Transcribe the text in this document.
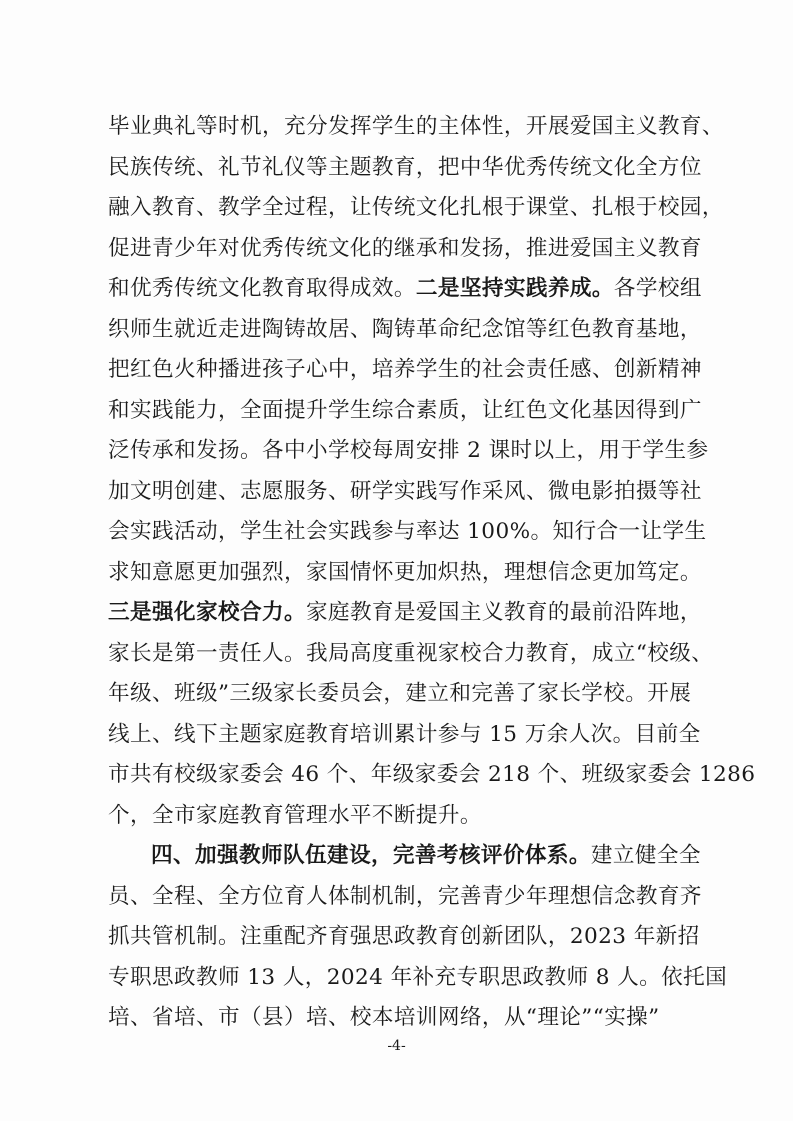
毕业典礼等时机，充分发挥学生的主体性，开展爱国主义教育、
民族传统、礼节礼仪等主题教育，把中华优秀传统文化全方位
融入教育、教学全过程，让传统文化扎根于课堂、扎根于校园，
促进青少年对优秀传统文化的继承和发扬，推进爱国主义教育
和优秀传统文化教育取得成效。二是坚持实践养成。各学校组
织师生就近走进陶铸故居、陶铸革命纪念馆等红色教育基地，
把红色火种播进孩子心中，培养学生的社会责任感、创新精神
和实践能力，全面提升学生综合素质，让红色文化基因得到广
泛传承和发扬。各中小学校每周安排 2 课时以上，用于学生参
加文明创建、志愿服务、研学实践写作采风、微电影拍摄等社
会实践活动，学生社会实践参与率达 100%。知行合一让学生
求知意愿更加强烈，家国情怀更加炽热，理想信念更加笃定。
三是强化家校合力。家庭教育是爱国主义教育的最前沿阵地，
家长是第一责任人。我局高度重视家校合力教育，成立“校级、
年级、班级”三级家长委员会，建立和完善了家长学校。开展
线上、线下主题家庭教育培训累计参与 15 万余人次。目前全
市共有校级家委会 46 个、年级家委会 218 个、班级家委会 1286
个，全市家庭教育管理水平不断提升。
四、加强教师队伍建设，完善考核评价体系。建立健全全
员、全程、全方位育人体制机制，完善青少年理想信念教育齐
抓共管机制。注重配齐育强思政教育创新团队，2023 年新招
专职思政教师 13 人，2024 年补充专职思政教师 8 人。依托国
培、省培、市（县）培、校本培训网络，从“理论”“实操”
-4-
